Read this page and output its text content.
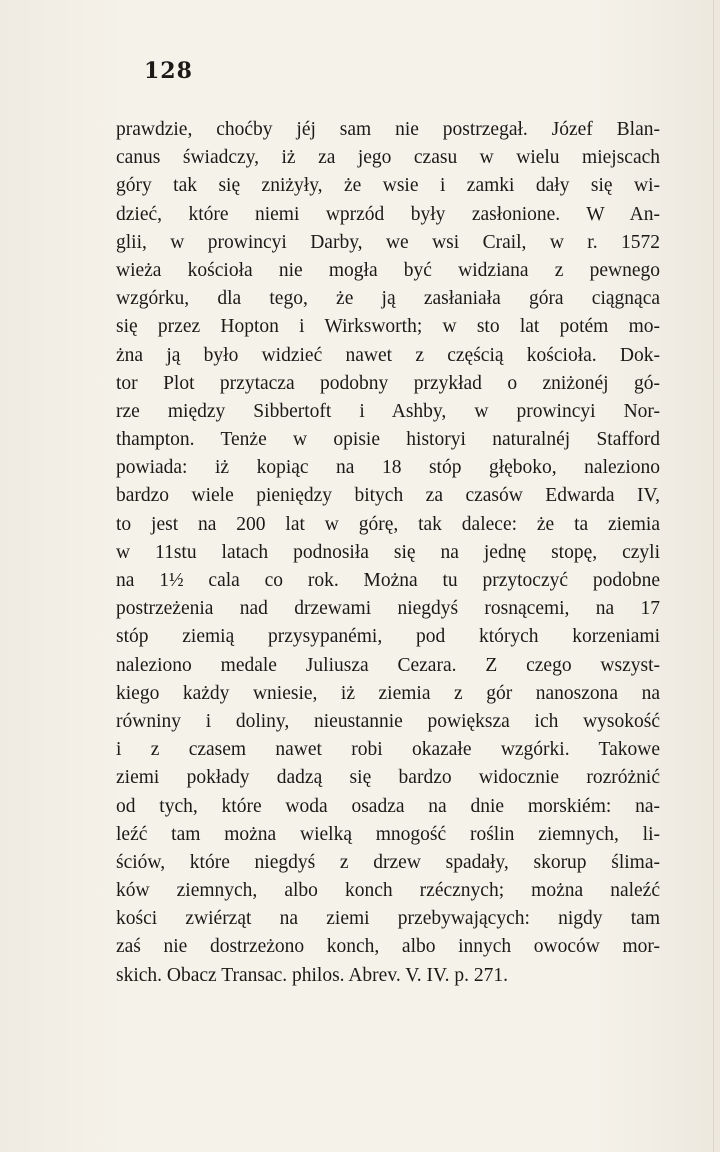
128
prawdzie, choćby jéj sam nie postrzegał. Józef Blan-
canus świadczy, iż za jego czasu w wielu miejscach
góry tak się zniżyły, że wsie i zamki dały się wi-
dzieć, które niemi wprzód były zasłonione. W An-
glii, w prowincyi Darby, we wsi Crail, w r. 1572
wieża kościoła nie mogła być widziana z pewnego
wzgórku, dla tego, że ją zasłaniała góra ciągnąca
się przez Hopton i Wirksworth; w sto lat potém mo-
żna ją było widzieć nawet z częścią kościoła. Dok-
tor Plot przytacza podobny przykład o zniżonéj gó-
rze między Sibbertoft i Ashby, w prowincyi Nor-
thampton. Tenże w opisie historyi naturalnéj Stafford
powiada: iż kopiąc na 18 stóp głęboko, naleziono
bardzo wiele pieniędzy bitych za czasów Edwarda IV,
to jest na 200 lat w górę, tak dalece: że ta ziemia
w 11stu latach podnosiła się na jednę stopę, czyli
na 1½ cala co rok. Można tu przytoczyć podobne
postrzeżenia nad drzewami niegdyś rosnącemi, na 17
stóp ziemią przysypanémi, pod których korzeniami
naleziono medale Juliusza Cezara. Z czego wszyst-
kiego każdy wniesie, iż ziemia z gór nanoszona na
równiny i doliny, nieustannie powiększa ich wysokość
i z czasem nawet robi okazałe wzgórki. Takowe
ziemi pokłady dadzą się bardzo widocznie rozróżnić
od tych, które woda osadza na dnie morskiém: na-
leźć tam można wielką mnogość roślin ziemnych, li-
ściów, które niegdyś z drzew spadały, skorup ślima-
ków ziemnych, albo konch rzécznych; można naleźć
kości zwiérząt na ziemi przebywających: nigdy tam
zaś nie dostrzeżono konch, albo innych owoców mor-
skich. Obacz Transac. philos. Abrev. V. IV. p. 271.
